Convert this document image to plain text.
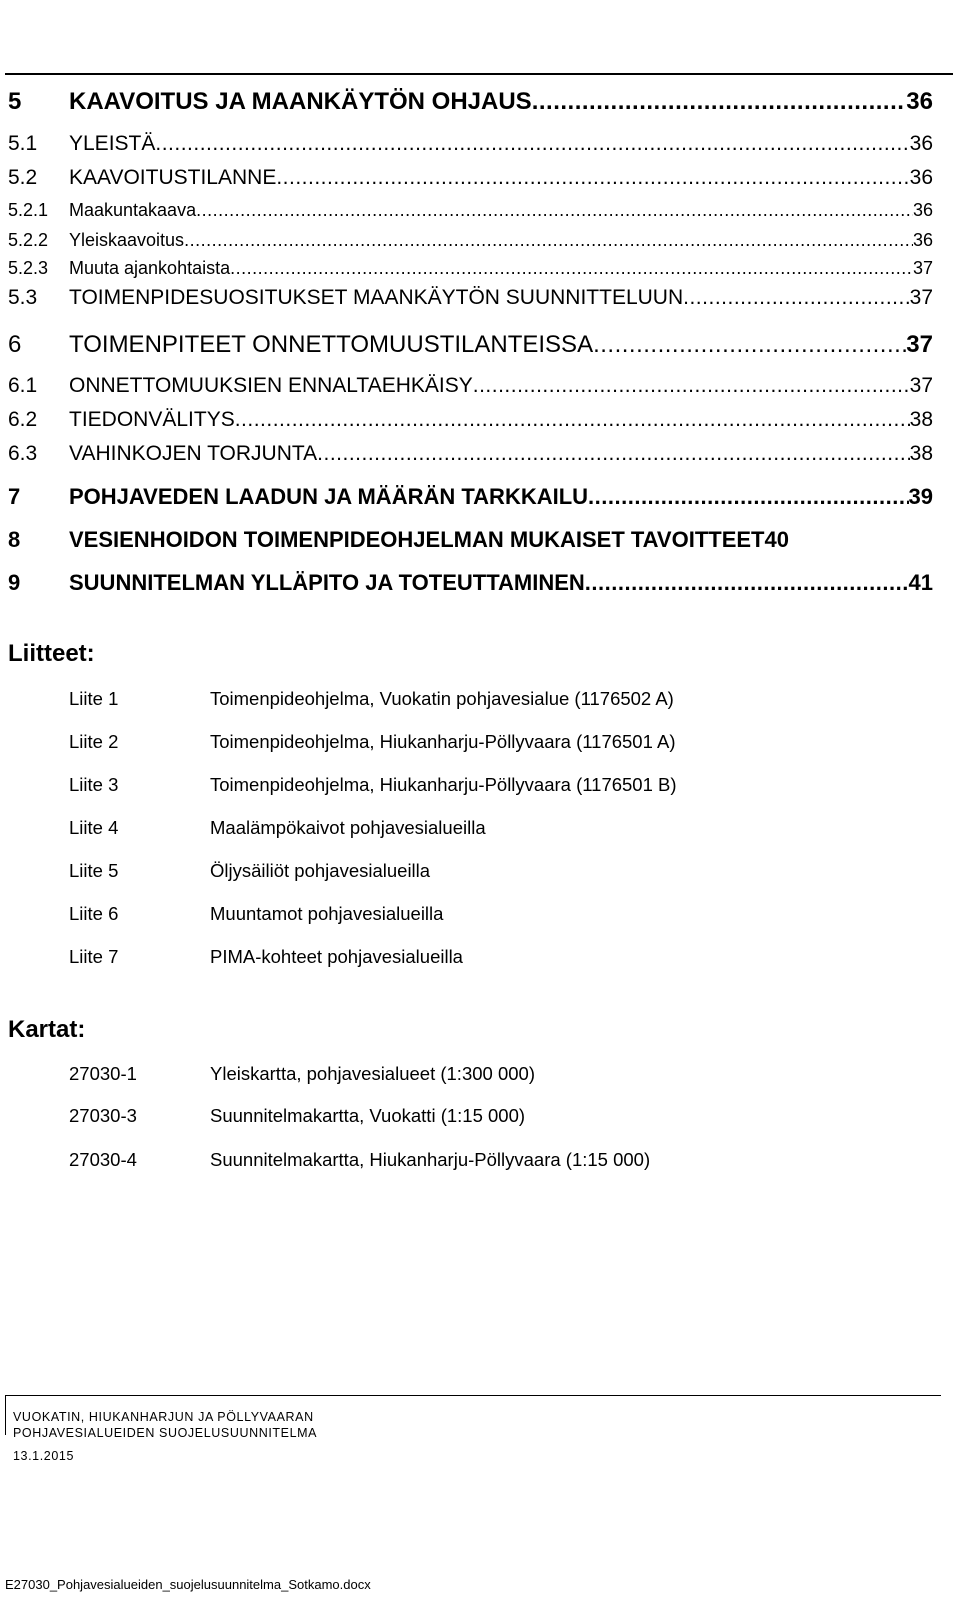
5	KAAVOITUS JA MAANKÄYTÖN OHJAUS .....	36
5.1	YLEISTÄ .....	36
5.2	KAAVOITUSTILANNE .....	36
5.2.1	Maakuntakaava .....	36
5.2.2	Yleiskaavoitus .....	36
5.2.3	Muuta ajankohtaista .....	37
5.3	TOIMENPIDESUOSITUKSET MAANKÄYTÖN SUUNNITTELUUN .....	37
6	TOIMENPITEET ONNETTOMUUSTILANTEISSA .....	37
6.1	ONNETTOMUUKSIEN ENNALTAEHKÄISY .....	37
6.2	TIEDONVÄLITYS .....	38
6.3	VAHINKOJEN TORJUNTA .....	38
7	POHJAVEDEN LAADUN JA MÄÄRÄN TARKKAILU .....	39
8	VESIENHOIDON TOIMENPIDEOHJELMAN MUKAISET TAVOITTEET 40
9	SUUNNITELMAN YLLÄPITO JA TOTEUTTAMINEN .....	41
Liitteet:
Liite 1	Toimenpideohjelma, Vuokatin pohjavesialue (1176502 A)
Liite 2	Toimenpideohjelma, Hiukanharju-Pöllyvaara (1176501 A)
Liite 3	Toimenpideohjelma, Hiukanharju-Pöllyvaara (1176501 B)
Liite 4	Maalämpökaivot pohjavesialueilla
Liite 5	Öljysäiliöt pohjavesialueilla
Liite 6	Muuntamot pohjavesialueilla
Liite 7	PIMA-kohteet pohjavesialueilla
Kartat:
27030-1	Yleiskartta, pohjavesialueet (1:300 000)
27030-3	Suunnitelmakartta, Vuokatti (1:15 000)
27030-4	Suunnitelmakartta, Hiukanharju-Pöllyvaara (1:15 000)
VUOKATIN, HIUKANHARJUN JA PÖLLYVAARAN
POHJAVESIALUEIDEN SUOJELUSUUNNITELMA
13.1.2015
E27030_Pohjavesialueiden_suojelusuunnitelma_Sotkamo.docx
